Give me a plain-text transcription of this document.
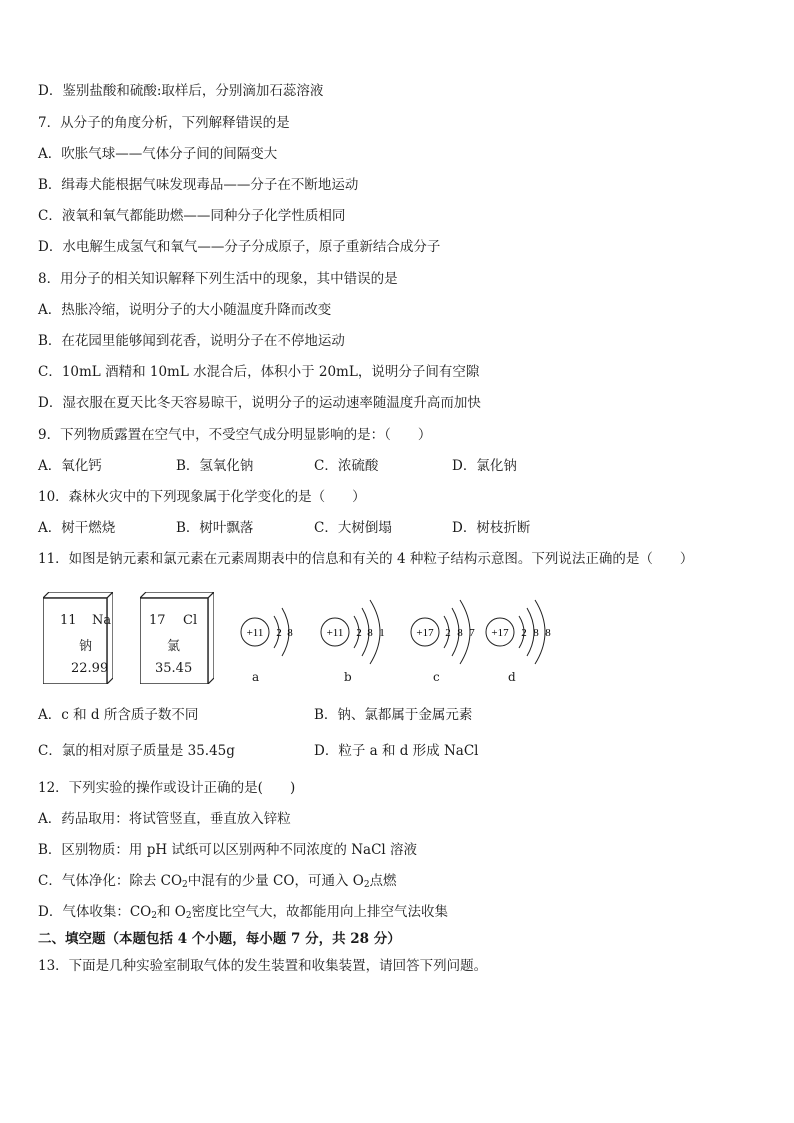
D．鉴别盐酸和硫酸:取样后，分别滴加石蕊溶液
7．从分子的角度分析，下列解释错误的是
A．吹胀气球——气体分子间的间隔变大
B．缉毒犬能根据气味发现毒品——分子在不断地运动
C．液氧和氧气都能助燃——同种分子化学性质相同
D．水电解生成氢气和氧气——分子分成原子，原子重新结合成分子
8．用分子的相关知识解释下列生活中的现象，其中错误的是
A．热胀冷缩，说明分子的大小随温度升降而改变
B．在花园里能够闻到花香，说明分子在不停地运动
C．10mL 酒精和 10mL 水混合后，体积小于 20mL，说明分子间有空隙
D．湿衣服在夏天比冬天容易晾干，说明分子的运动速率随温度升高而加快
9．下列物质露置在空气中，不受空气成分明显影响的是：（　　）
A．氧化钙	B．氢氧化钠	C．浓硫酸	D．氯化钠
10．森林火灾中的下列现象属于化学变化的是（　　）
A．树干燃烧	B．树叶飘落	C．大树倒塌	D．树枝折断
11．如图是钠元素和氯元素在元素周期表中的信息和有关的 4 种粒子结构示意图。下列说法正确的是（　　）
11 Na
钠
22.99
17 Cl
氯
35.45
+11 2 8	+11 2 8 1	+17 2 8 7 +17 2 8 8
a	b	c	d
A．c 和 d 所含质子数不同	B．钠、氯都属于金属元素
C．氯的相对原子质量是 35.45g	D．粒子 a 和 d 形成 NaCl
12．下列实验的操作或设计正确的是(　　)
A．药品取用：将试管竖直，垂直放入锌粒
B．区别物质：用 pH 试纸可以区别两种不同浓度的 NaCl 溶液
C．气体净化：除去 $CO_2$中混有的少量 CO，可通入 $O_2$点燃
D．气体收集：$CO_2$和 $O_2$密度比空气大，故都能用向上排空气法收集
二、填空题（本题包括 4 个小题，每小题 7 分，共 28 分）
13．下面是几种实验室制取气体的发生装置和收集装置，请回答下列问题。
